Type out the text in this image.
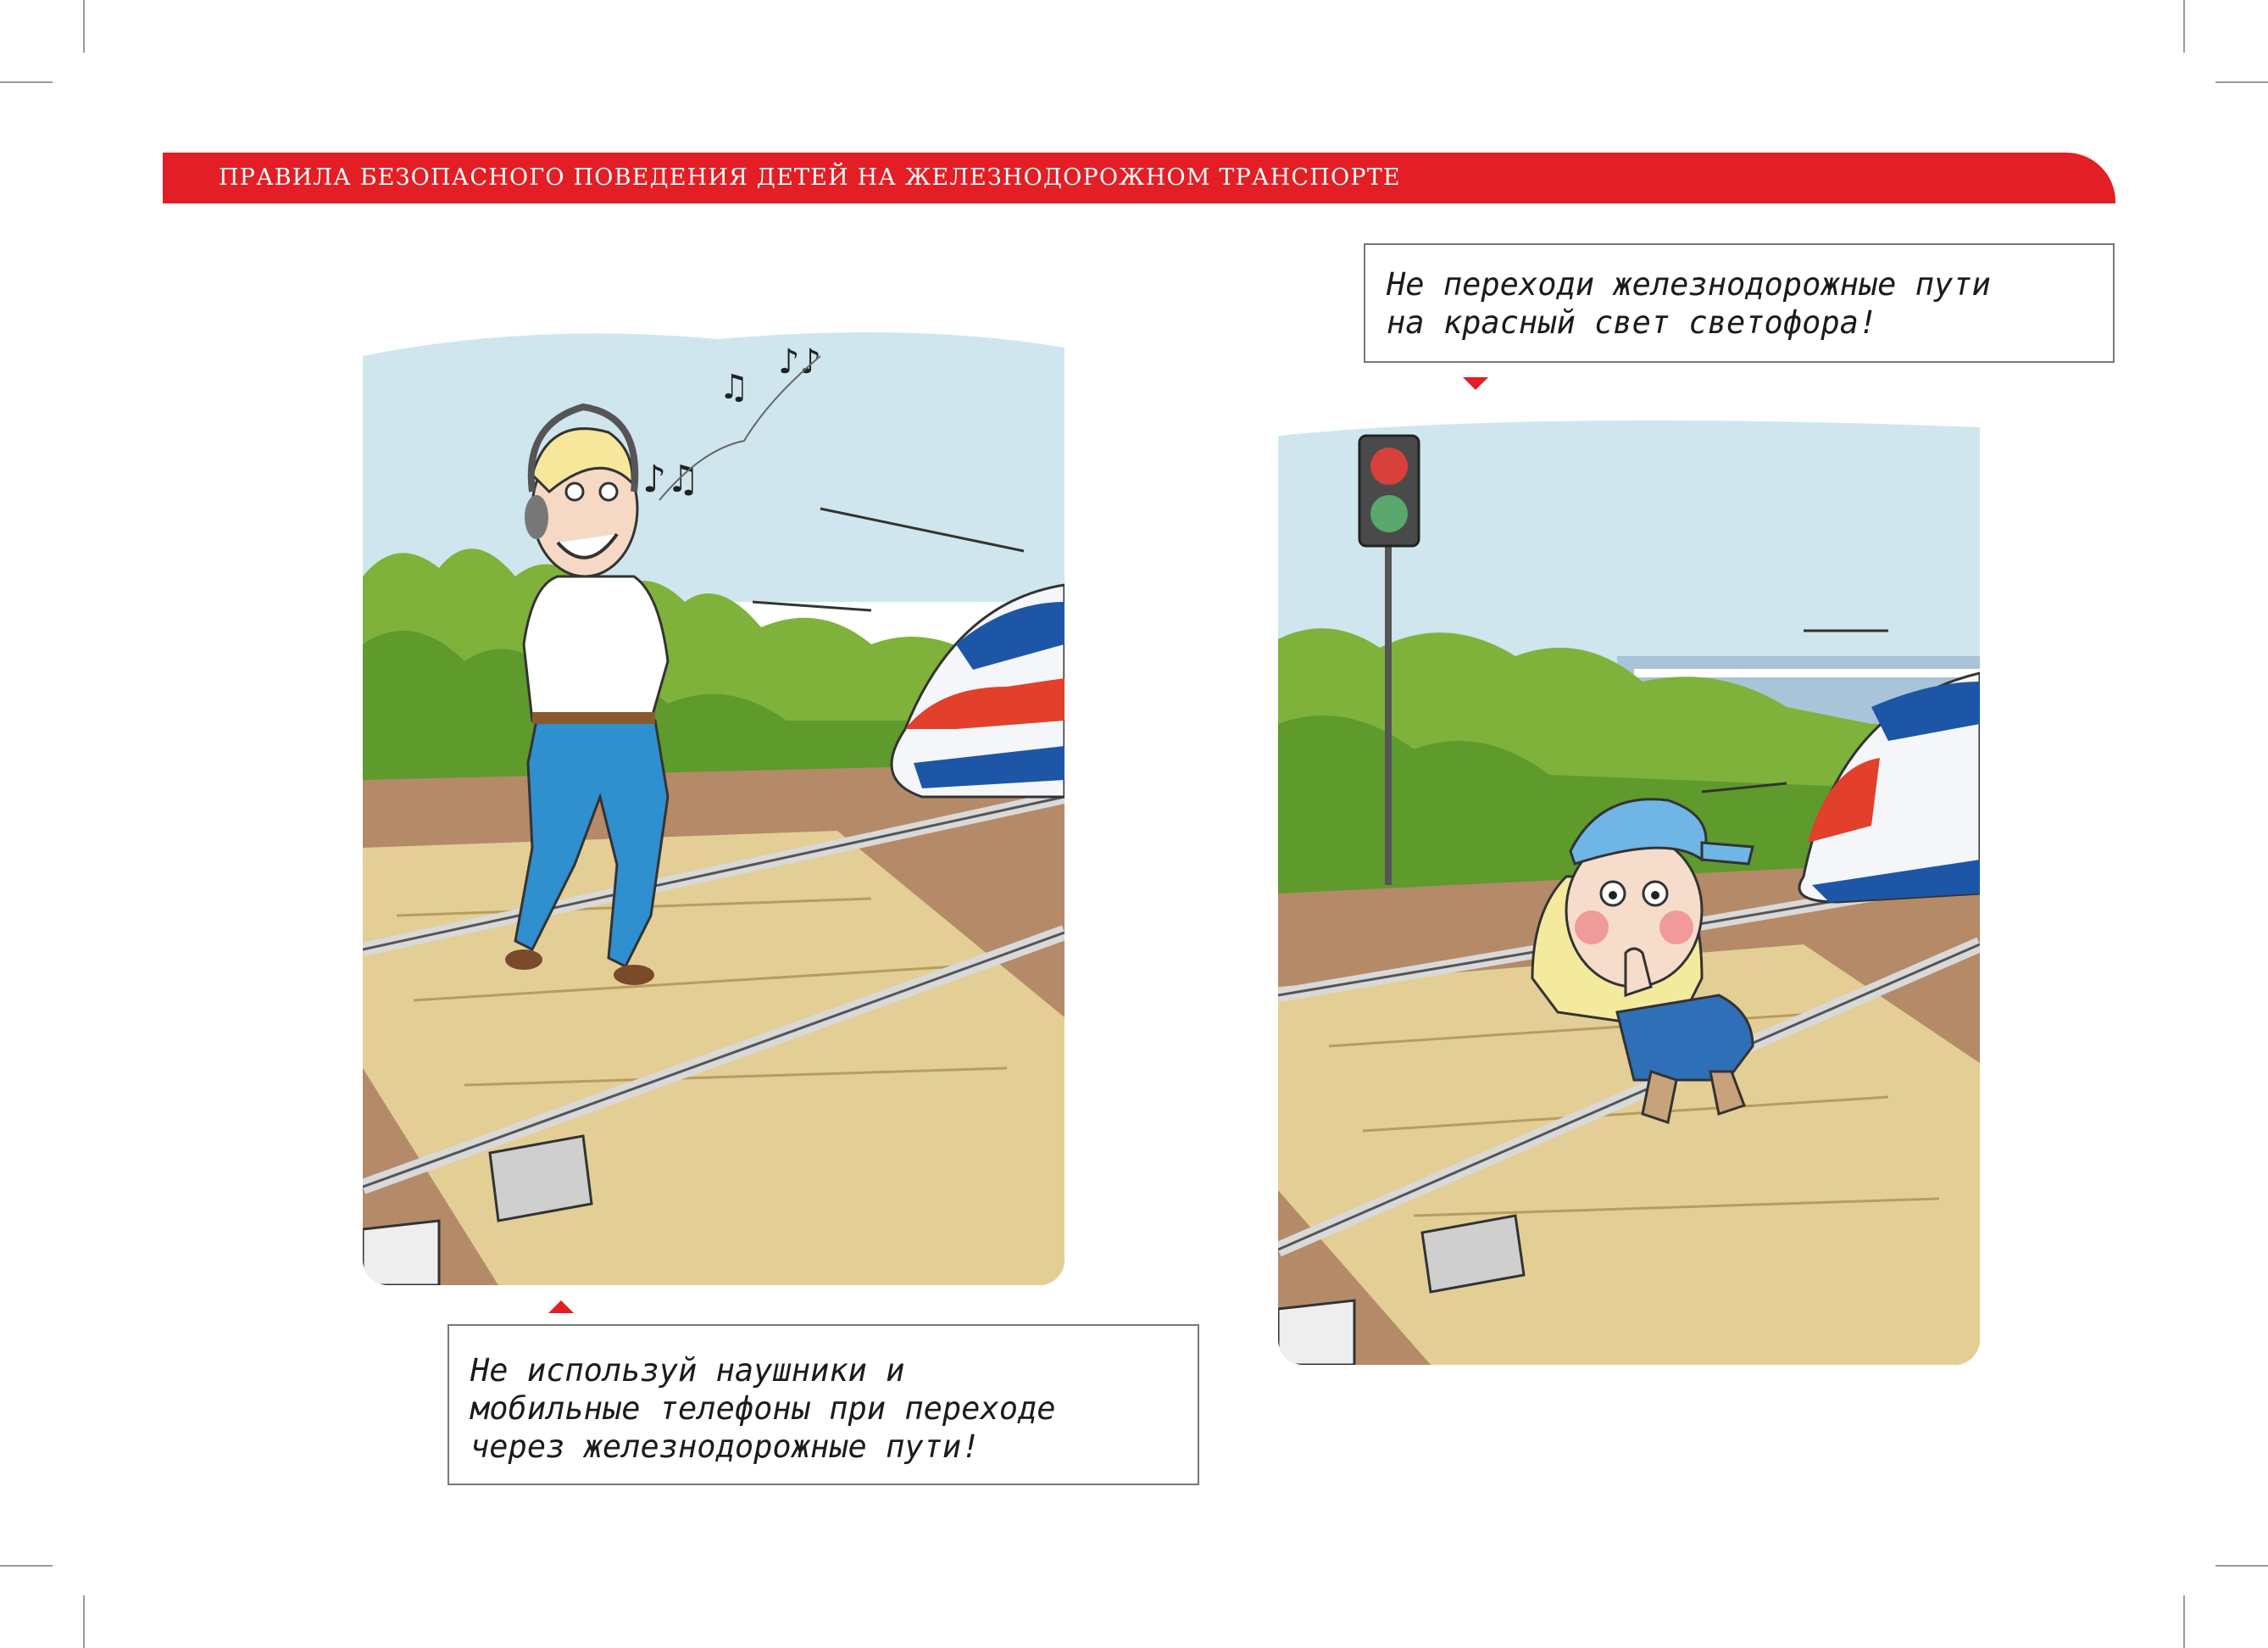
ПРАВИЛА БЕЗОПАСНОГО ПОВЕДЕНИЯ ДЕТЕЙ НА ЖЕЛЕЗНОДОРОЖНОМ ТРАНСПОРТЕ
♪♫
♫
♪♪
Не используй наушники и
мобильные телефоны при переходе
через железнодорожные пути!
Не переходи железнодорожные пути
на красный свет светофора!
